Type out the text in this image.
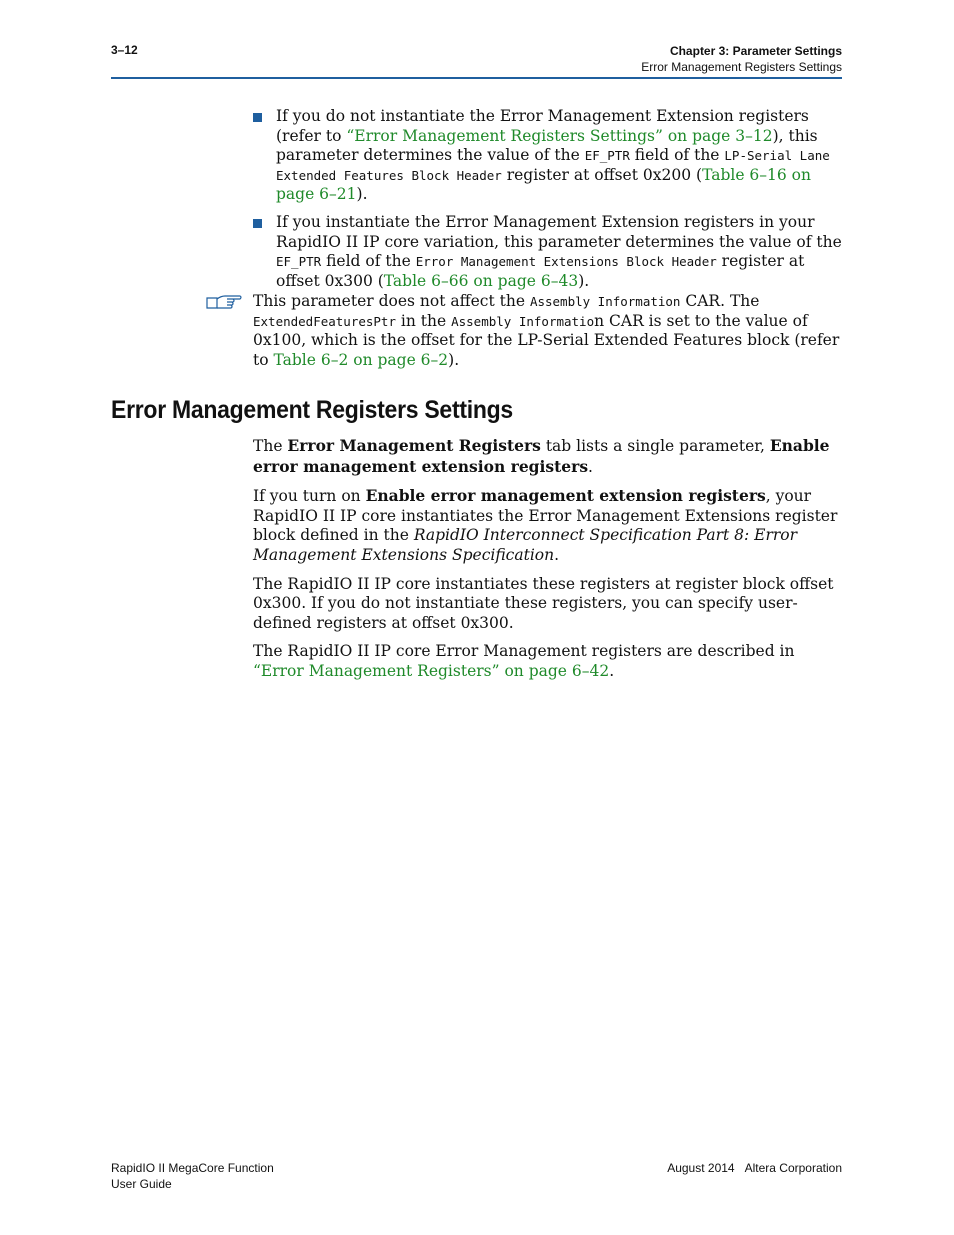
3–12	Chapter 3: Parameter Settings
Error Management Registers Settings
If you do not instantiate the Error Management Extension registers (refer to “Error Management Registers Settings” on page 3–12), this parameter determines the value of the EF_PTR field of the LP-Serial Lane Extended Features Block Header register at offset 0x200 (Table 6–16 on page 6–21).
If you instantiate the Error Management Extension registers in your RapidIO II IP core variation, this parameter determines the value of the EF_PTR field of the Error Management Extensions Block Header register at offset 0x300 (Table 6–66 on page 6–43).
This parameter does not affect the Assembly Information CAR. The ExtendedFeaturesPtr in the Assembly Information CAR is set to the value of 0x100, which is the offset for the LP-Serial Extended Features block (refer to Table 6–2 on page 6–2).
Error Management Registers Settings

The Error Management Registers tab lists a single parameter, Enable error management extension registers.

If you turn on Enable error management extension registers, your RapidIO II IP core instantiates the Error Management Extensions register block defined in the RapidIO Interconnect Specification Part 8: Error Management Extensions Specification.

The RapidIO II IP core instantiates these registers at register block offset 0x300. If you do not instantiate these registers, you can specify user-defined registers at offset 0x300.

The RapidIO II IP core Error Management registers are described in “Error Management Registers” on page 6–42.

RapidIO II MegaCore Function
User Guide
August 2014 Altera Corporation
